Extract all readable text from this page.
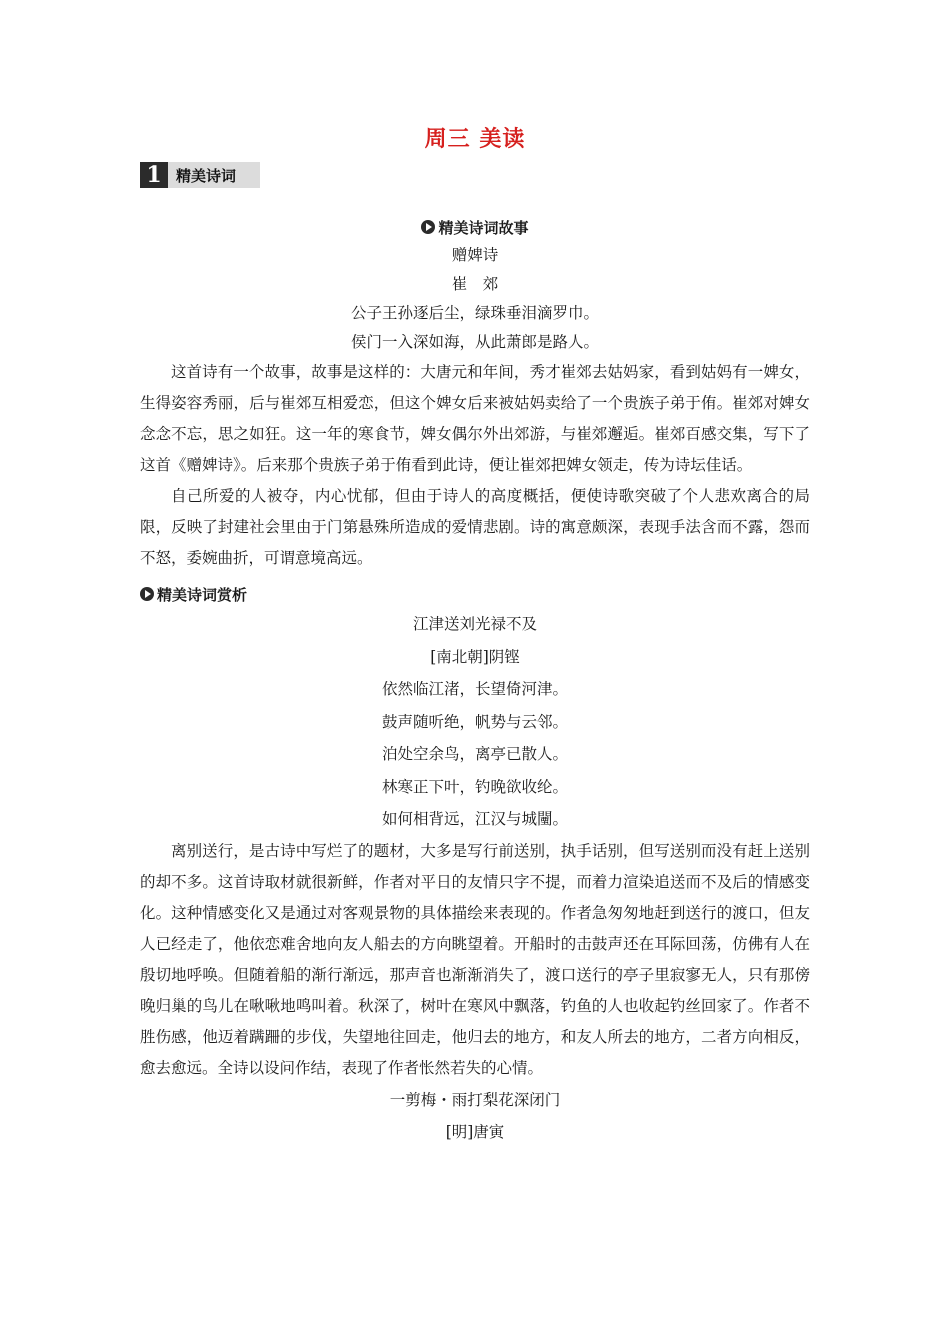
周三 美读
1 精美诗词
精美诗词故事
赠婢诗
崔　郊
公子王孙逐后尘，绿珠垂泪滴罗巾。
侯门一入深如海，从此萧郎是路人。

这首诗有一个故事，故事是这样的：大唐元和年间，秀才崔郊去姑妈家，看到姑妈有一婢女，生得姿容秀丽，后与崔郊互相爱恋，但这个婢女后来被姑妈卖给了一个贵族子弟于侑。崔郊对婢女念念不忘，思之如狂。这一年的寒食节，婢女偶尔外出郊游，与崔郊邂逅。崔郊百感交集，写下了这首《赠婢诗》。后来那个贵族子弟于侑看到此诗，便让崔郊把婢女领走，传为诗坛佳话。

自己所爱的人被夺，内心忧郁，但由于诗人的高度概括，便使诗歌突破了个人悲欢离合的局限，反映了封建社会里由于门第悬殊所造成的爱情悲剧。诗的寓意颇深，表现手法含而不露，怨而不怒，委婉曲折，可谓意境高远。

精美诗词赏析
江津送刘光禄不及
[南北朝]阴铿
依然临江渚，长望倚河津。
鼓声随听绝，帆势与云邻。
泊处空余鸟，离亭已散人。
林寒正下叶，钓晚欲收纶。
如何相背远，江汉与城闉。

离别送行，是古诗中写烂了的题材，大多是写行前送别，执手话别，但写送别而没有赶上送别的却不多。这首诗取材就很新鲜，作者对平日的友情只字不提，而着力渲染追送而不及后的情感变化。这种情感变化又是通过对客观景物的具体描绘来表现的。作者急匆匆地赶到送行的渡口，但友人已经走了，他依恋难舍地向友人船去的方向眺望着。开船时的击鼓声还在耳际回荡，仿佛有人在殷切地呼唤。但随着船的渐行渐远，那声音也渐渐消失了，渡口送行的亭子里寂寥无人，只有那傍晚归巢的鸟儿在啾啾地鸣叫着。秋深了，树叶在寒风中飘落，钓鱼的人也收起钓丝回家了。作者不胜伤感，他迈着蹒跚的步伐，失望地往回走，他归去的地方，和友人所去的地方，二者方向相反，愈去愈远。全诗以设问作结，表现了作者怅然若失的心情。

一剪梅・雨打梨花深闭门
[明]唐寅
